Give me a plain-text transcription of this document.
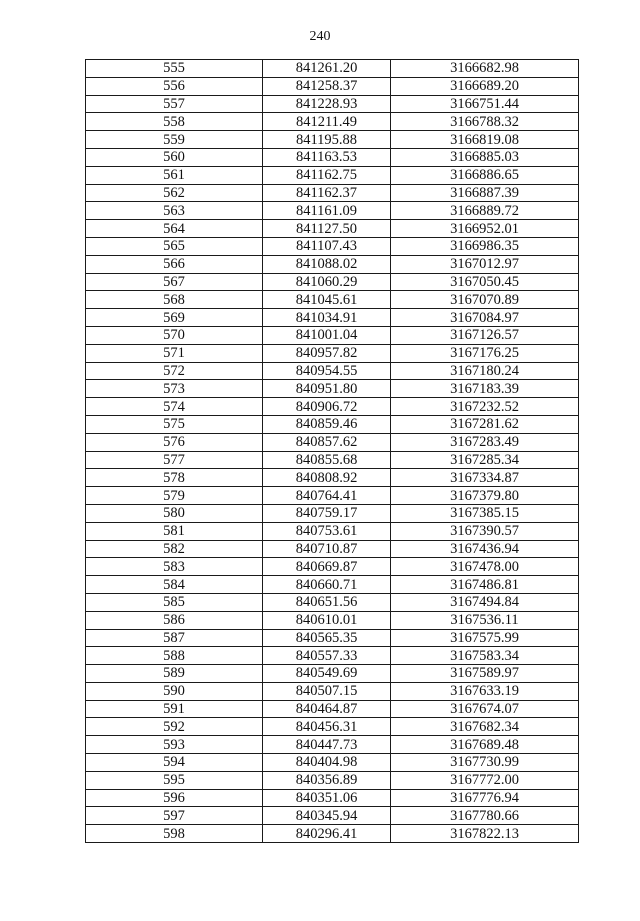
240
555	841261.20	3166682.98
556	841258.37	3166689.20
557	841228.93	3166751.44
558	841211.49	3166788.32
559	841195.88	3166819.08
560	841163.53	3166885.03
561	841162.75	3166886.65
562	841162.37	3166887.39
563	841161.09	3166889.72
564	841127.50	3166952.01
565	841107.43	3166986.35
566	841088.02	3167012.97
567	841060.29	3167050.45
568	841045.61	3167070.89
569	841034.91	3167084.97
570	841001.04	3167126.57
571	840957.82	3167176.25
572	840954.55	3167180.24
573	840951.80	3167183.39
574	840906.72	3167232.52
575	840859.46	3167281.62
576	840857.62	3167283.49
577	840855.68	3167285.34
578	840808.92	3167334.87
579	840764.41	3167379.80
580	840759.17	3167385.15
581	840753.61	3167390.57
582	840710.87	3167436.94
583	840669.87	3167478.00
584	840660.71	3167486.81
585	840651.56	3167494.84
586	840610.01	3167536.11
587	840565.35	3167575.99
588	840557.33	3167583.34
589	840549.69	3167589.97
590	840507.15	3167633.19
591	840464.87	3167674.07
592	840456.31	3167682.34
593	840447.73	3167689.48
594	840404.98	3167730.99
595	840356.89	3167772.00
596	840351.06	3167776.94
597	840345.94	3167780.66
598	840296.41	3167822.13
